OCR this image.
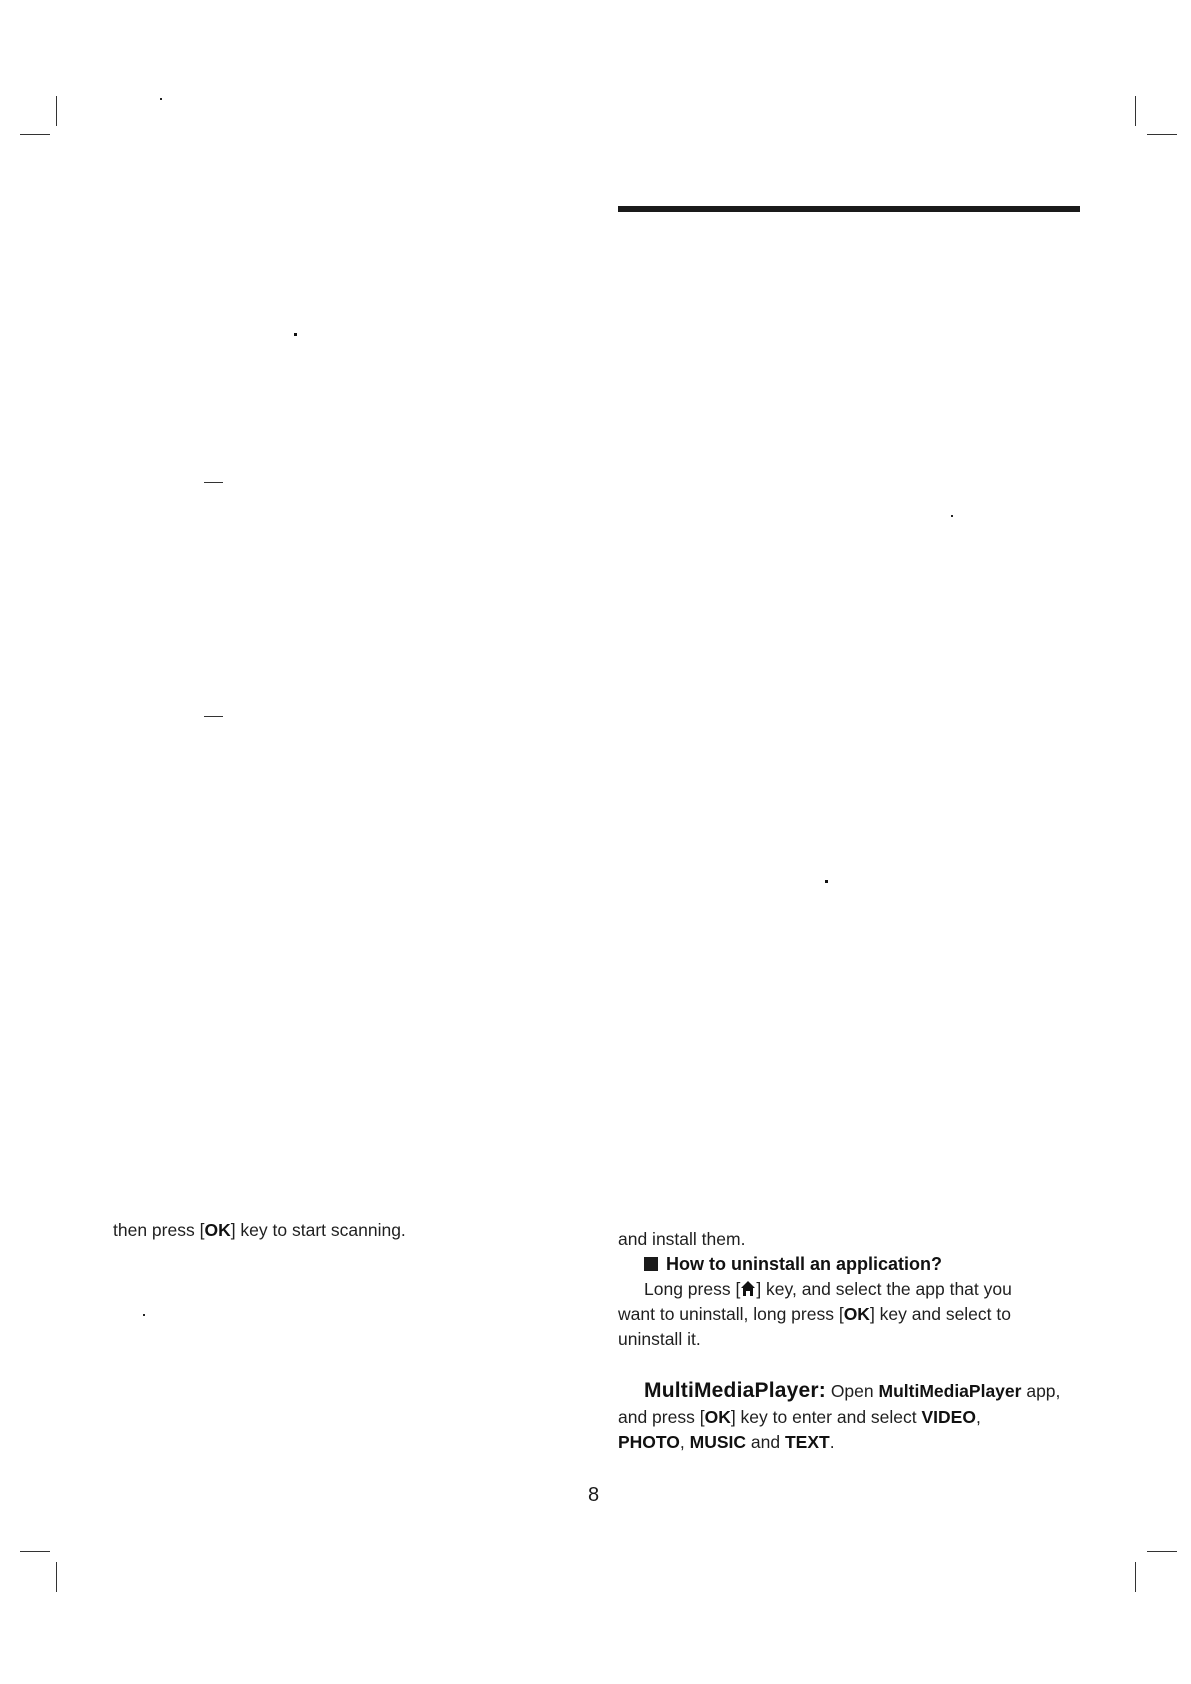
then press [OK] key to start scanning.	and install them.
How to uninstall an application?
Long press [ ] key, and select the app that you
want to uninstall, long press [OK] key and select to
uninstall it.
MultiMediaPlayer: Open MultiMediaPlayer app,
and press [OK] key to enter and select VIDEO,
PHOTO, MUSIC and TEXT.
8
